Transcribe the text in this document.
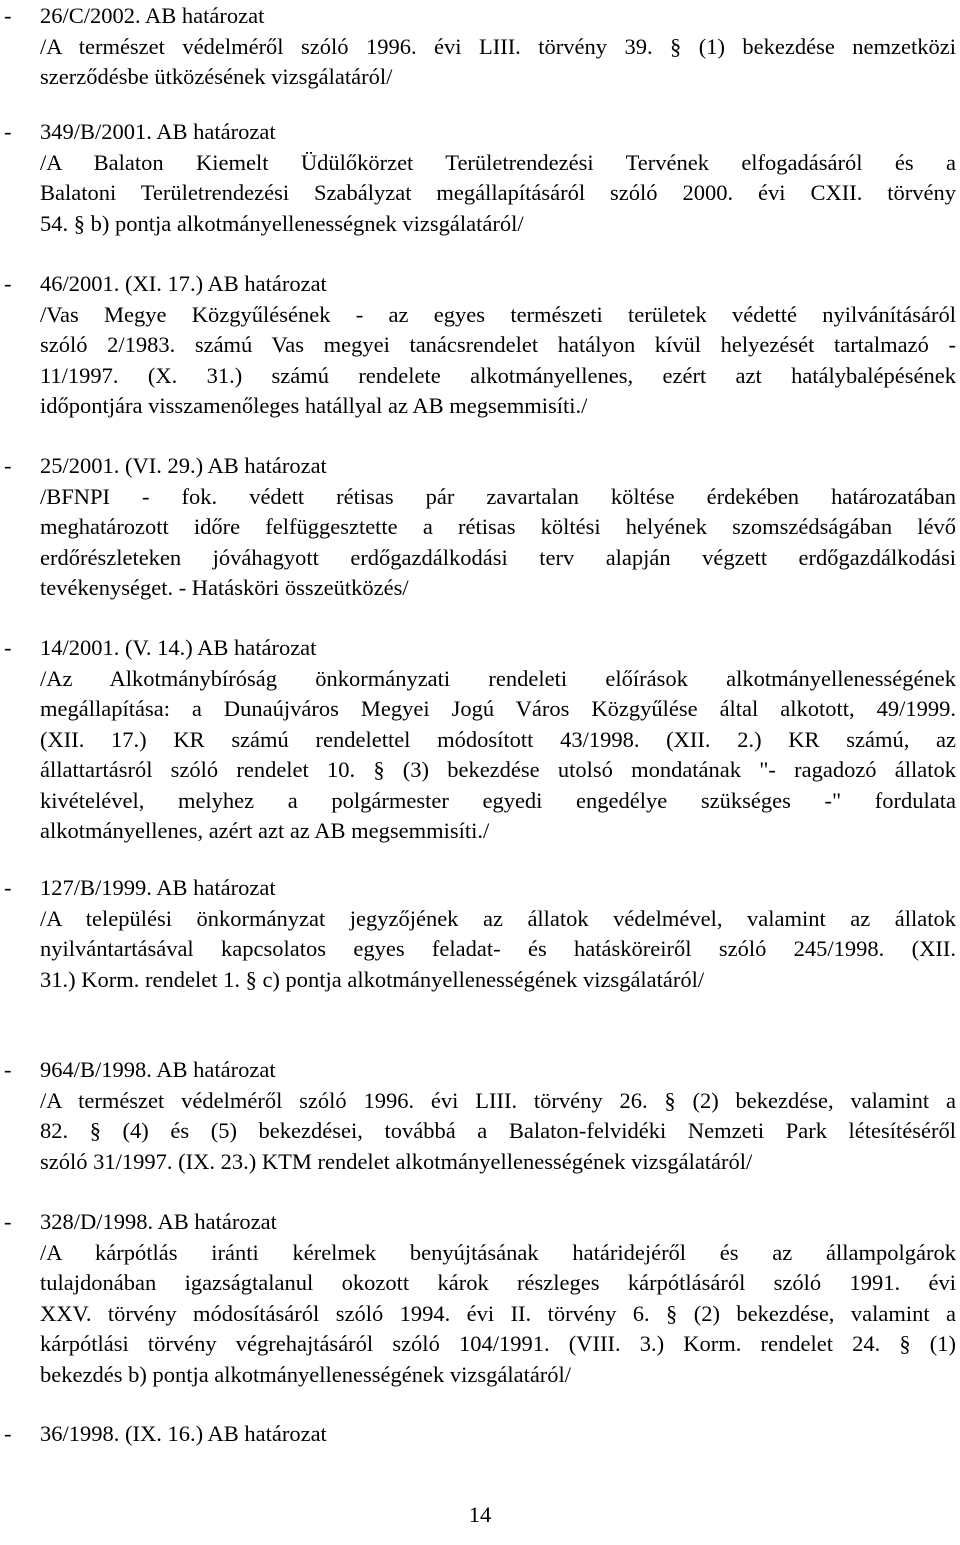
- 26/C/2002. AB határozat
/A természet védelméről szóló 1996. évi LIII. törvény 39. § (1) bekezdése nemzetközi
szerződésbe ütközésének vizsgálatáról/
- 349/B/2001. AB határozat
/A Balaton Kiemelt Üdülőkörzet Területrendezési Tervének elfogadásáról és a
Balatoni Területrendezési Szabályzat megállapításáról szóló 2000. évi CXII. törvény
54. § b) pontja alkotmányellenességnek vizsgálatáról/
- 46/2001. (XI. 17.) AB határozat
/Vas Megye Közgyűlésének - az egyes természeti területek védetté nyilvánításáról
szóló 2/1983. számú Vas megyei tanácsrendelet hatályon kívül helyezését tartalmazó -
11/1997. (X. 31.) számú rendelete alkotmányellenes, ezért azt hatálybalépésének
időpontjára visszamenőleges hatállyal az AB megsemmisíti./
- 25/2001. (VI. 29.) AB határozat
/BFNPI - fok. védett rétisas pár zavartalan költése érdekében határozatában
meghatározott időre felfüggesztette a rétisas költési helyének szomszédságában lévő
erdőrészleteken jóváhagyott erdőgazdálkodási terv alapján végzett erdőgazdálkodási
tevékenységet. - Hatásköri összeütközés/
- 14/2001. (V. 14.) AB határozat
/Az Alkotmánybíróság önkormányzati rendeleti előírások alkotmányellenességének
megállapítása: a Dunaújváros Megyei Jogú Város Közgyűlése által alkotott, 49/1999.
(XII. 17.) KR számú rendelettel módosított 43/1998. (XII. 2.) KR számú, az
állattartásról szóló rendelet 10. § (3) bekezdése utolsó mondatának "- ragadozó állatok
kivételével, melyhez a polgármester egyedi engedélye szükséges -" fordulata
alkotmányellenes, azért azt az AB megsemmisíti./
- 127/B/1999. AB határozat
/A települési önkormányzat jegyzőjének az állatok védelmével, valamint az állatok
nyilvántartásával kapcsolatos egyes feladat- és hatásköreiről szóló 245/1998. (XII.
31.) Korm. rendelet 1. § c) pontja alkotmányellenességének vizsgálatáról/
- 964/B/1998. AB határozat
/A természet védelméről szóló 1996. évi LIII. törvény 26. § (2) bekezdése, valamint a
82. § (4) és (5) bekezdései, továbbá a Balaton-felvidéki Nemzeti Park létesítéséről
szóló 31/1997. (IX. 23.) KTM rendelet alkotmányellenességének vizsgálatáról/
- 328/D/1998. AB határozat
/A kárpótlás iránti kérelmek benyújtásának határidejéről és az állampolgárok
tulajdonában igazságtalanul okozott károk részleges kárpótlásáról szóló 1991. évi
XXV. törvény módosításáról szóló 1994. évi II. törvény 6. § (2) bekezdése, valamint a
kárpótlási törvény végrehajtásáról szóló 104/1991. (VIII. 3.) Korm. rendelet 24. § (1)
bekezdés b) pontja alkotmányellenességének vizsgálatáról/
- 36/1998. (IX. 16.) AB határozat
14
